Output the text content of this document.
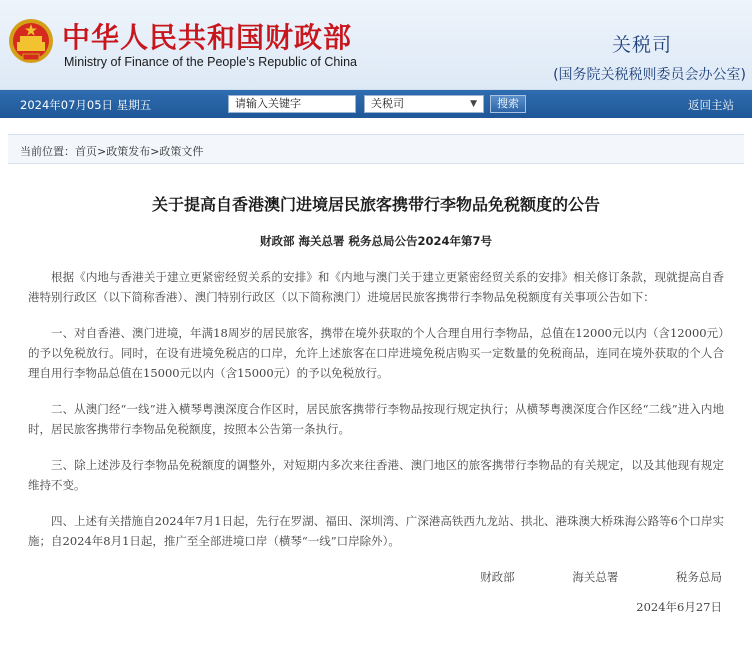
中华人民共和国财政部
Ministry of Finance of the People’s Republic of China
关税司
(国务院关税税则委员会办公室)
2024年07月05日 星期五	请输入关键字	关税司	▼	搜索	返回主站
当前位置：首页>政策发布>政策文件
关于提高自香港澳门进境居民旅客携带行李物品免税额度的公告
财政部 海关总署 税务总局公告2024年第7号

根据《内地与香港关于建立更紧密经贸关系的安排》和《内地与澳门关于建立更紧密经贸关系的安排》相关修订条款，现就提高自香港特别行政区（以下简称香港）、澳门特别行政区（以下简称澳门）进境居民旅客携带行李物品免税额度有关事项公告如下：

一、对自香港、澳门进境，年满18周岁的居民旅客，携带在境外获取的个人合理自用行李物品，总值在12000元以内（含12000元）的予以免税放行。同时，在设有进境免税店的口岸，允许上述旅客在口岸进境免税店购买一定数量的免税商品，连同在境外获取的个人合理自用行李物品总值在15000元以内（含15000元）的予以免税放行。

二、从澳门经“一线”进入横琴粤澳深度合作区时，居民旅客携带行李物品按现行规定执行；从横琴粤澳深度合作区经“二线”进入内地时，居民旅客携带行李物品免税额度，按照本公告第一条执行。

三、除上述涉及行李物品免税额度的调整外，对短期内多次来往香港、澳门地区的旅客携带行李物品的有关规定，以及其他现有规定维持不变。

四、上述有关措施自2024年7月1日起，先行在罗湖、福田、深圳湾、广深港高铁西九龙站、拱北、港珠澳大桥珠海公路等6个口岸实施；自2024年8月1日起，推广至全部进境口岸（横琴“一线”口岸除外）。

财政部	海关总署	税务总局
2024年6月27日
